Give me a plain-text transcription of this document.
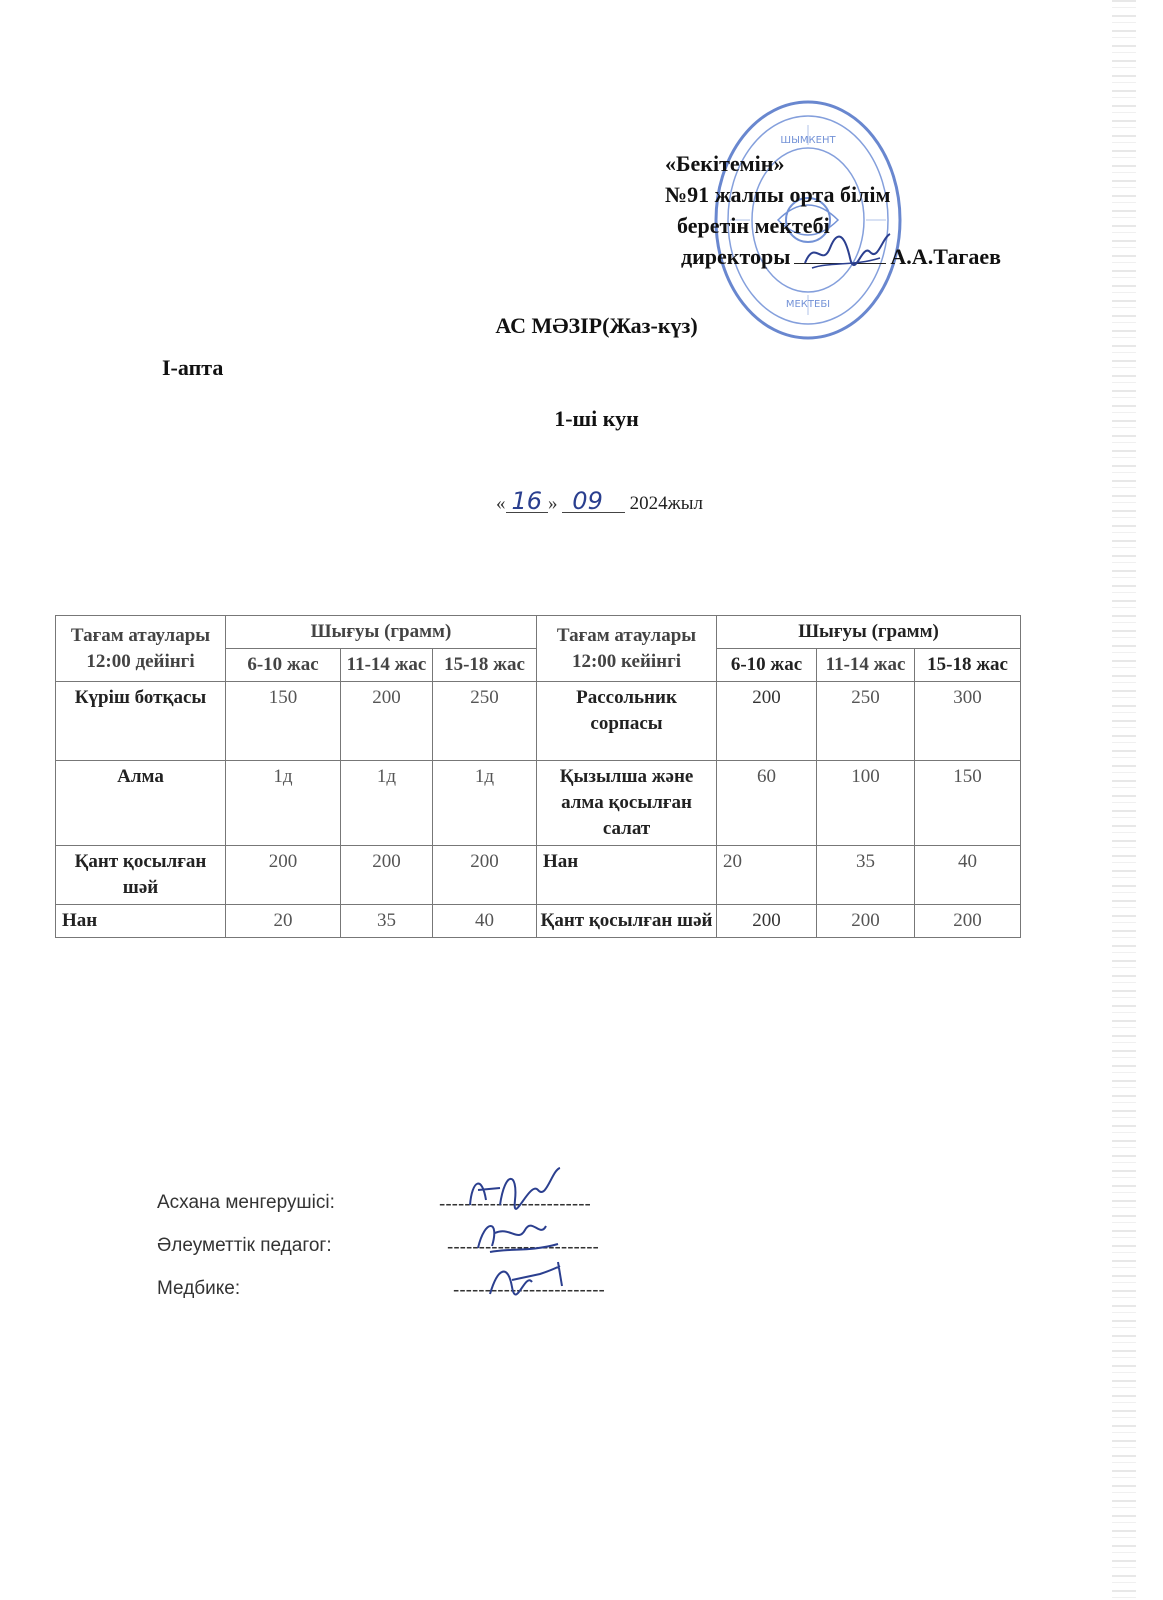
ШЫМКЕНТ
МЕКТЕБІ
«Бекітемін»
№91 жалпы орта білім
беретін мектебі
директоры	А.А.Тагаев
АС МӘЗІР(Жаз-күз)
І-апта
1-ші кун
« 16 » 09 2024жыл
Тағам атаулары 12:00 дейінгі	Шығуы (грамм)			Тағам атаулары 12:00 кейінгі	Шығуы (грамм)		
	6-10 жас	11-14 жас	15-18 жас		6-10 жас	11-14 жас	15-18 жас
Күріш ботқасы	150	200	250	Рассольник сорпасы	200	250	300
Алма	1д	1д	1д	Қызылша және алма қосылған салат	60	100	150
Қант қосылған шәй	200	200	200	Нан	20	35	40
Нан	20	35	40	Қант қосылған шәй	200	200	200
Асхана менгерушісі:	------------------------
Әлеуметтік педагог:	------------------------
Медбике:	------------------------
